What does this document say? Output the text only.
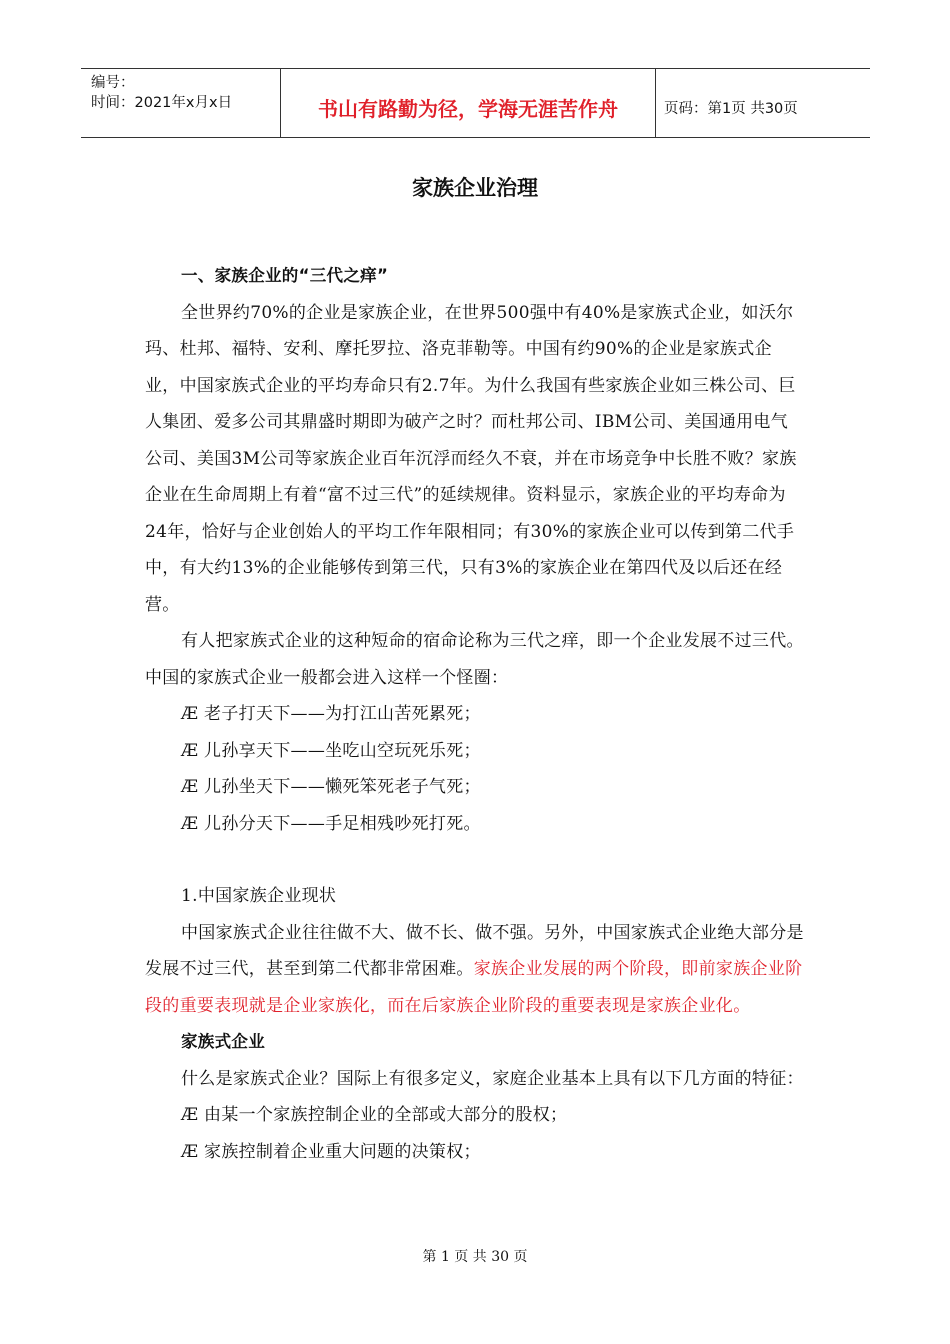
编号：
时间：2021年x月x日	书山有路勤为径，学海无涯苦作舟	页码：第1页 共30页
家族企业治理

一、家族企业的“三代之痒”

全世界约70%的企业是家族企业，在世界500强中有40%是家族式企业，如沃尔玛、杜邦、福特、安利、摩托罗拉、洛克菲勒等。中国有约90%的企业是家族式企业，中国家族式企业的平均寿命只有2.7年。为什么我国有些家族企业如三株公司、巨人集团、爱多公司其鼎盛时期即为破产之时？而杜邦公司、IBM公司、美国通用电气公司、美国3M公司等家族企业百年沉浮而经久不衰，并在市场竞争中长胜不败？家族企业在生命周期上有着“富不过三代”的延续规律。资料显示，家族企业的平均寿命为24年，恰好与企业创始人的平均工作年限相同；有30%的家族企业可以传到第二代手中，有大约13%的企业能够传到第三代，只有3%的家族企业在第四代及以后还在经营。

有人把家族式企业的这种短命的宿命论称为三代之痒，即一个企业发展不过三代。中国的家族式企业一般都会进入这样一个怪圈：

Æ 老子打天下——为打江山苦死累死；

Æ 儿孙享天下——坐吃山空玩死乐死；

Æ 儿孙坐天下——懒死笨死老子气死；

Æ 儿孙分天下——手足相残吵死打死。

1.中国家族企业现状

中国家族式企业往往做不大、做不长、做不强。另外，中国家族式企业绝大部分是发展不过三代，甚至到第二代都非常困难。家族企业发展的两个阶段，即前家族企业阶段的重要表现就是企业家族化，而在后家族企业阶段的重要表现是家族企业化。

家族式企业

什么是家族式企业？国际上有很多定义，家庭企业基本上具有以下几方面的特征：

Æ 由某一个家族控制企业的全部或大部分的股权；

Æ 家族控制着企业重大问题的决策权；

第 1 页 共 30 页
